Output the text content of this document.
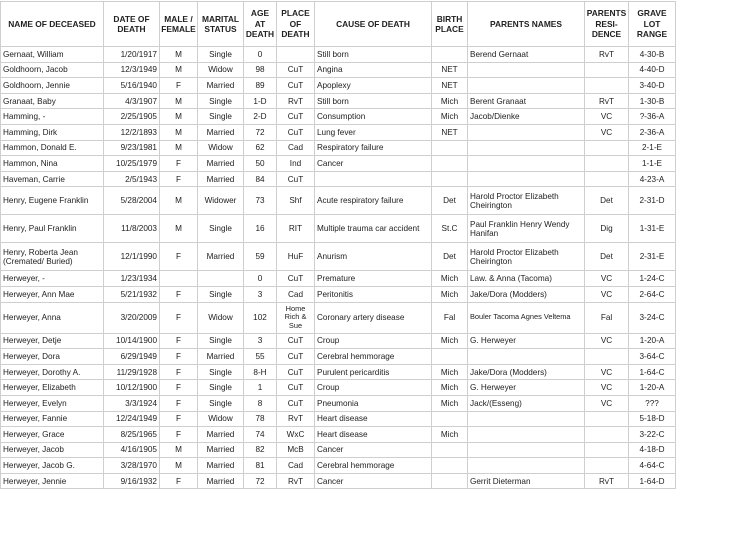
NAME OF DECEASED	DATE OF DEATH	MALE / FEMALE	MARITAL STATUS	AGE AT DEATH	PLACE OF DEATH	CAUSE OF DEATH	BIRTH PLACE	PARENTS NAMES	PARENTS RESI-DENCE	GRAVE LOT RANGE
Gernaat, William	1/20/1917	M	Single	0		Still born		Berend Gernaat	RvT	4-30-B
Goldhoorn, Jacob	12/3/1949	M	Widow	98	CuT	Angina	NET			4-40-D
Goldhoorn, Jennie	5/16/1940	F	Married	89	CuT	Apoplexy	NET			3-40-D
Granaat, Baby	4/3/1907	M	Single	1-D	RvT	Still born	Mich	Berent Granaat	RvT	1-30-B
Hamming, -	2/25/1905	M	Single	2-D	CuT	Consumption	Mich	Jacob/Dienke	VC	?-36-A
Hamming, Dirk	12/2/1893	M	Married	72	CuT	Lung fever	NET		VC	2-36-A
Hammon, Donald E.	9/23/1981	M	Widow	62	Cad	Respiratory failure				2-1-E
Hammon, Nina	10/25/1979	F	Married	50	Ind	Cancer				1-1-E
Haveman, Carrie	2/5/1943	F	Married	84	CuT					4-23-A
Henry, Eugene Franklin	5/28/2004	M	Widower	73	Shf	Acute respiratory failure	Det	Harold Proctor Elizabeth Cheirington	Det	2-31-D
Henry, Paul Franklin	11/8/2003	M	Single	16	RIT	Multiple trauma car accident	St.C	Paul Franklin Henry Wendy Hanifan	Dig	1-31-E
Henry, Roberta Jean (Cremated/ Buried)	12/1/1990	F	Married	59	HuF	Anurism	Det	Harold Proctor Elizabeth Cheirington	Det	2-31-E
Herweyer, -	1/23/1934			0	CuT	Premature	Mich	Law. & Anna (Tacoma)	VC	1-24-C
Herweyer, Ann Mae	5/21/1932	F	Single	3	Cad	Peritonitis	Mich	Jake/Dora (Modders)	VC	2-64-C
Herweyer, Anna	3/20/2009	F	Widow	102	Home Rich & Sue	Coronary artery disease	Fal	Bouler Tacoma Agnes Veltema	Fal	3-24-C
Herweyer, Detje	10/14/1900	F	Single	3	CuT	Croup	Mich	G. Herweyer	VC	1-20-A
Herweyer, Dora	6/29/1949	F	Married	55	CuT	Cerebral hemmorage				3-64-C
Herweyer, Dorothy A.	11/29/1928	F	Single	8-H	CuT	Purulent pericarditis	Mich	Jake/Dora (Modders)	VC	1-64-C
Herweyer, Elizabeth	10/12/1900	F	Single	1	CuT	Croup	Mich	G. Herweyer	VC	1-20-A
Herweyer, Evelyn	3/3/1924	F	Single	8	CuT	Pneumonia	Mich	Jack/(Esseng)	VC	???
Herweyer, Fannie	12/24/1949	F	Widow	78	RvT	Heart disease				5-18-D
Herweyer, Grace	8/25/1965	F	Married	74	WxC	Heart disease	Mich			3-22-C
Herweyer, Jacob	4/16/1905	M	Married	82	McB	Cancer				4-18-D
Herweyer, Jacob G.	3/28/1970	M	Married	81	Cad	Cerebral hemmorage				4-64-C
Herweyer, Jennie	9/16/1932	F	Married	72	RvT	Cancer		Gerrit Dieterman	RvT	1-64-D
